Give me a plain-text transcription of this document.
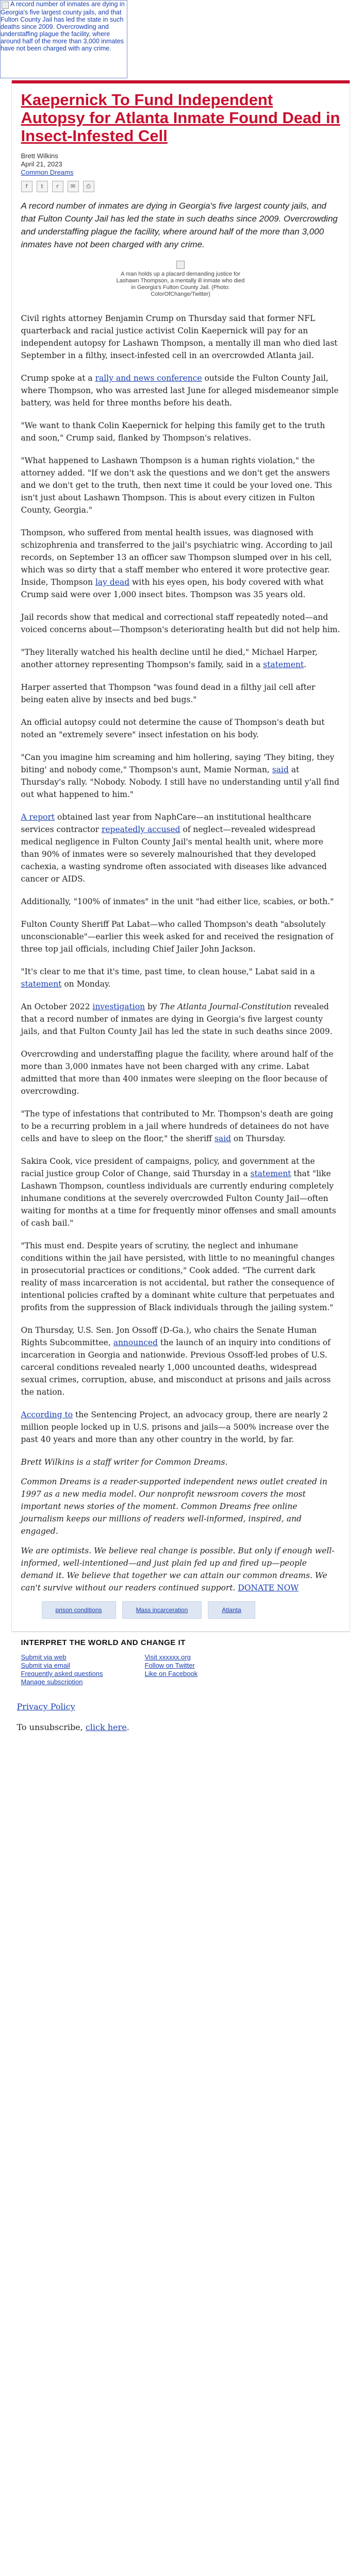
A record number of inmates are dying in Georgia's five largest county jails, and that Fulton County Jail has led the state in such deaths since 2009. Overcrowding and understaffing plague the facility, where around half of the more than 3,000 inmates have not been charged with any crime.
Kaepernick To Fund Independent Autopsy for Atlanta Inmate Found Dead in Insect-Infested Cell
Brett Wilkins
April 21, 2023
Common Dreams
f	t	r	✉	⎙

A record number of inmates are dying in Georgia's five largest county jails, and that Fulton County Jail has led the state in such deaths since 2009. Overcrowding and understaffing plague the facility, where around half of the more than 3,000 inmates have not been charged with any crime.

A man holds up a placard demanding justice for Lashawn Thompson, a mentally ill inmate who died in Georgia's Fulton County Jail. (Photo: ColorOfChange/Twitter)

Civil rights attorney Benjamin Crump on Thursday said that former NFL quarterback and racial justice activist Colin Kaepernick will pay for an independent autopsy for Lashawn Thompson, a mentally ill man who died last September in a filthy, insect-infested cell in an overcrowded Atlanta jail.

Crump spoke at a rally and news conference outside the Fulton County Jail, where Thompson, who was arrested last June for alleged misdemeanor simple battery, was held for three months before his death.

"We want to thank Colin Kaepernick for helping this family get to the truth and soon," Crump said, flanked by Thompson's relatives.

"What happened to Lashawn Thompson is a human rights violation," the attorney added. "If we don't ask the questions and we don't get the answers and we don't get to the truth, then next time it could be your loved one. This isn't just about Lashawn Thompson. This is about every citizen in Fulton County, Georgia."

Thompson, who suffered from mental health issues, was diagnosed with schizophrenia and transferred to the jail's psychiatric wing. According to jail records, on September 13 an officer saw Thompson slumped over in his cell, which was so dirty that a staff member who entered it wore protective gear. Inside, Thompson lay dead with his eyes open, his body covered with what Crump said were over 1,000 insect bites. Thompson was 35 years old.

Jail records show that medical and correctional staff repeatedly noted—and voiced concerns about—Thompson's deteriorating health but did not help him.

"They literally watched his health decline until he died," Michael Harper, another attorney representing Thompson's family, said in a statement.

Harper asserted that Thompson "was found dead in a filthy jail cell after being eaten alive by insects and bed bugs."

An official autopsy could not determine the cause of Thompson's death but noted an "extremely severe" insect infestation on his body.

"Can you imagine him screaming and him hollering, saying 'They biting, they biting' and nobody come," Thompson's aunt, Mamie Norman, said at Thursday's rally. "Nobody. Nobody. I still have no understanding until y'all find out what happened to him."

A report obtained last year from NaphCare—an institutional healthcare services contractor repeatedly accused of neglect—revealed widespread medical negligence in Fulton County Jail's mental health unit, where more than 90% of inmates were so severely malnourished that they developed cachexia, a wasting syndrome often associated with diseases like advanced cancer or AIDS.

Additionally, "100% of inmates" in the unit "had either lice, scabies, or both."

Fulton County Sheriff Pat Labat—who called Thompson's death "absolutely unconscionable"—earlier this week asked for and received the resignation of three top jail officials, including Chief Jailer John Jackson.

"It's clear to me that it's time, past time, to clean house," Labat said in a statement on Monday.

An October 2022 investigation by The Atlanta Journal-Constitution revealed that a record number of inmates are dying in Georgia's five largest county jails, and that Fulton County Jail has led the state in such deaths since 2009.

Overcrowding and understaffing plague the facility, where around half of the more than 3,000 inmates have not been charged with any crime. Labat admitted that more than 400 inmates were sleeping on the floor because of overcrowding.

"The type of infestations that contributed to Mr. Thompson's death are going to be a recurring problem in a jail where hundreds of detainees do not have cells and have to sleep on the floor," the sheriff said on Thursday.

Sakira Cook, vice president of campaigns, policy, and government at the racial justice group Color of Change, said Thursday in a statement that "like Lashawn Thompson, countless individuals are currently enduring completely inhumane conditions at the severely overcrowded Fulton County Jail—often waiting for months at a time for frequently minor offenses and small amounts of cash bail."

"This must end. Despite years of scrutiny, the neglect and inhumane conditions within the jail have persisted, with little to no meaningful changes in prosecutorial practices or conditions," Cook added. "The current dark reality of mass incarceration is not accidental, but rather the consequence of intentional policies crafted by a dominant white culture that perpetuates and profits from the suppression of Black individuals through the jailing system."

On Thursday, U.S. Sen. Jon Ossoff (D-Ga.), who chairs the Senate Human Rights Subcommittee, announced the launch of an inquiry into conditions of incarceration in Georgia and nationwide. Previous Ossoff-led probes of U.S. carceral conditions revealed nearly 1,000 uncounted deaths, widespread sexual crimes, corruption, abuse, and misconduct at prisons and jails across the nation.

According to the Sentencing Project, an advocacy group, there are nearly 2 million people locked up in U.S. prisons and jails—a 500% increase over the past 40 years and more than any other country in the world, by far.

Brett Wilkins is a staff writer for Common Dreams.

Common Dreams is a reader-supported independent news outlet created in 1997 as a new media model. Our nonprofit newsroom covers the most important news stories of the moment. Common Dreams free online journalism keeps our millions of readers well-informed, inspired, and engaged.

We are optimists. We believe real change is possible. But only if enough well-informed, well-intentioned—and just plain fed up and fired up—people demand it. We believe that together we can attain our common dreams. We can't survive without our readers continued support. DONATE NOW

prison conditions	Mass incarceration	Atlanta
INTERPRET THE WORLD AND CHANGE IT
Submit via web
Submit via email
Frequently asked questions
Manage subscription
Visit xxxxxx.org
Follow on Twitter
Like on Facebook

Privacy Policy

To unsubscribe, click here.
